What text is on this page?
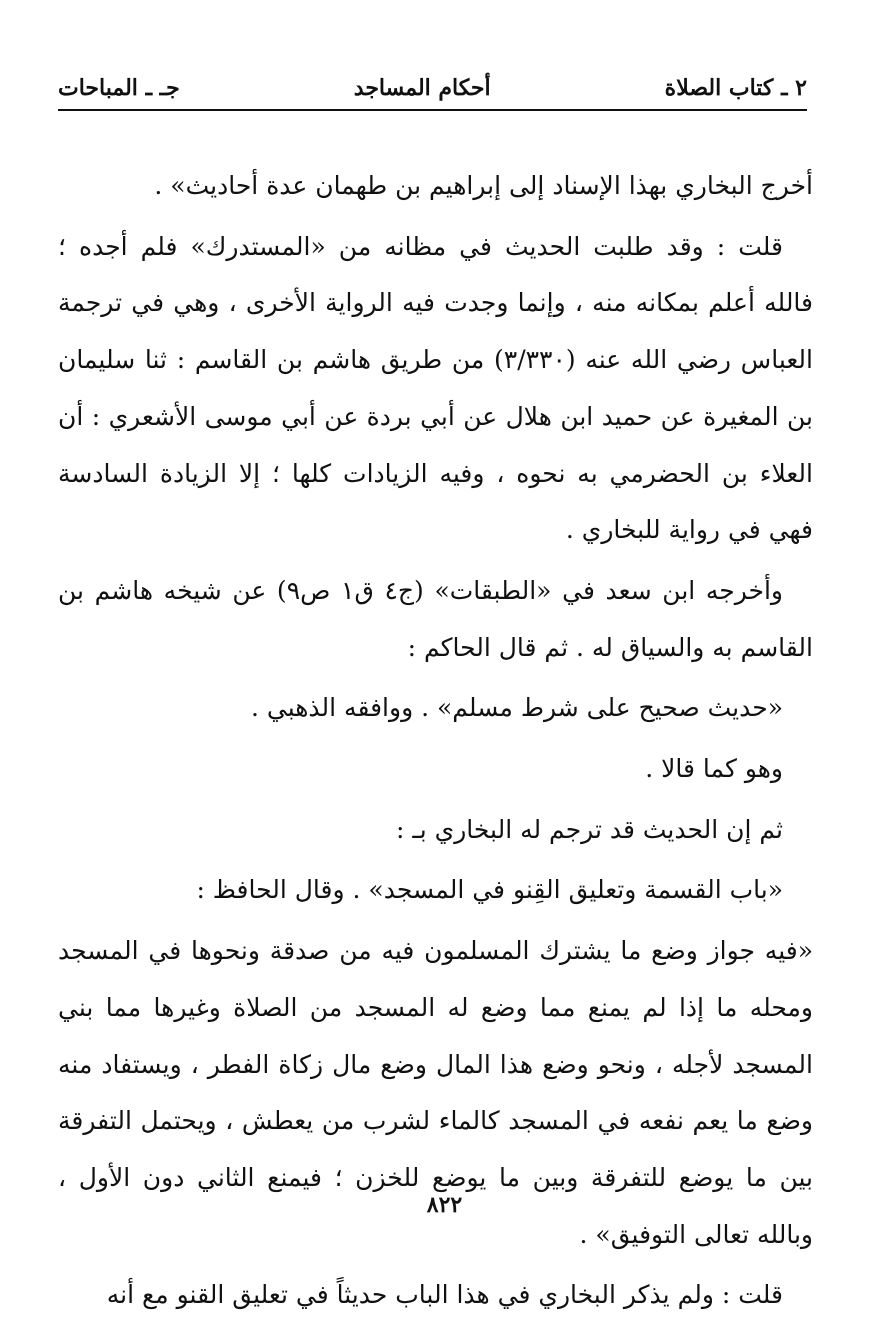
٢ ـ كتاب الصلاة
أحكام المساجد
جـ ـ المباحات

أخرج البخاري بهذا الإسناد إلى إبراهيم بن طهمان عدة أحاديث» .

قلت : وقد طلبت الحديث في مظانه من «المستدرك» فلم أجده ؛ فالله أعلم بمكانه منه ، وإنما وجدت فيه الرواية الأخرى ، وهي في ترجمة العباس رضي الله عنه (٣/٣٣٠) من طريق هاشم بن القاسم : ثنا سليمان بن المغيرة عن حميد ابن هلال عن أبي بردة عن أبي موسى الأشعري : أن العلاء بن الحضرمي به نحوه ، وفيه الزيادات كلها ؛ إلا الزيادة السادسة فهي في رواية للبخاري .

وأخرجه ابن سعد في «الطبقات» (ج٤ ق١ ص٩) عن شيخه هاشم بن القاسم به والسياق له . ثم قال الحاكم :

«حديث صحيح على شرط مسلم» . ووافقه الذهبي .

وهو كما قالا .

ثم إن الحديث قد ترجم له البخاري بـ :

«باب القسمة وتعليق القِنو في المسجد» . وقال الحافظ :

«فيه جواز وضع ما يشترك المسلمون فيه من صدقة ونحوها في المسجد ومحله ما إذا لم يمنع مما وضع له المسجد من الصلاة وغيرها مما بني المسجد لأجله ، ونحو وضع هذا المال وضع مال زكاة الفطر ، ويستفاد منه وضع ما يعم نفعه في المسجد كالماء لشرب من يعطش ، ويحتمل التفرقة بين ما يوضع للتفرقة وبين ما يوضع للخزن ؛ فيمنع الثاني دون الأول ، وبالله تعالى التوفيق» .

قلت : ولم يذكر البخاري في هذا الباب حديثاً في تعليق القنو مع أنه

٨٢٢
